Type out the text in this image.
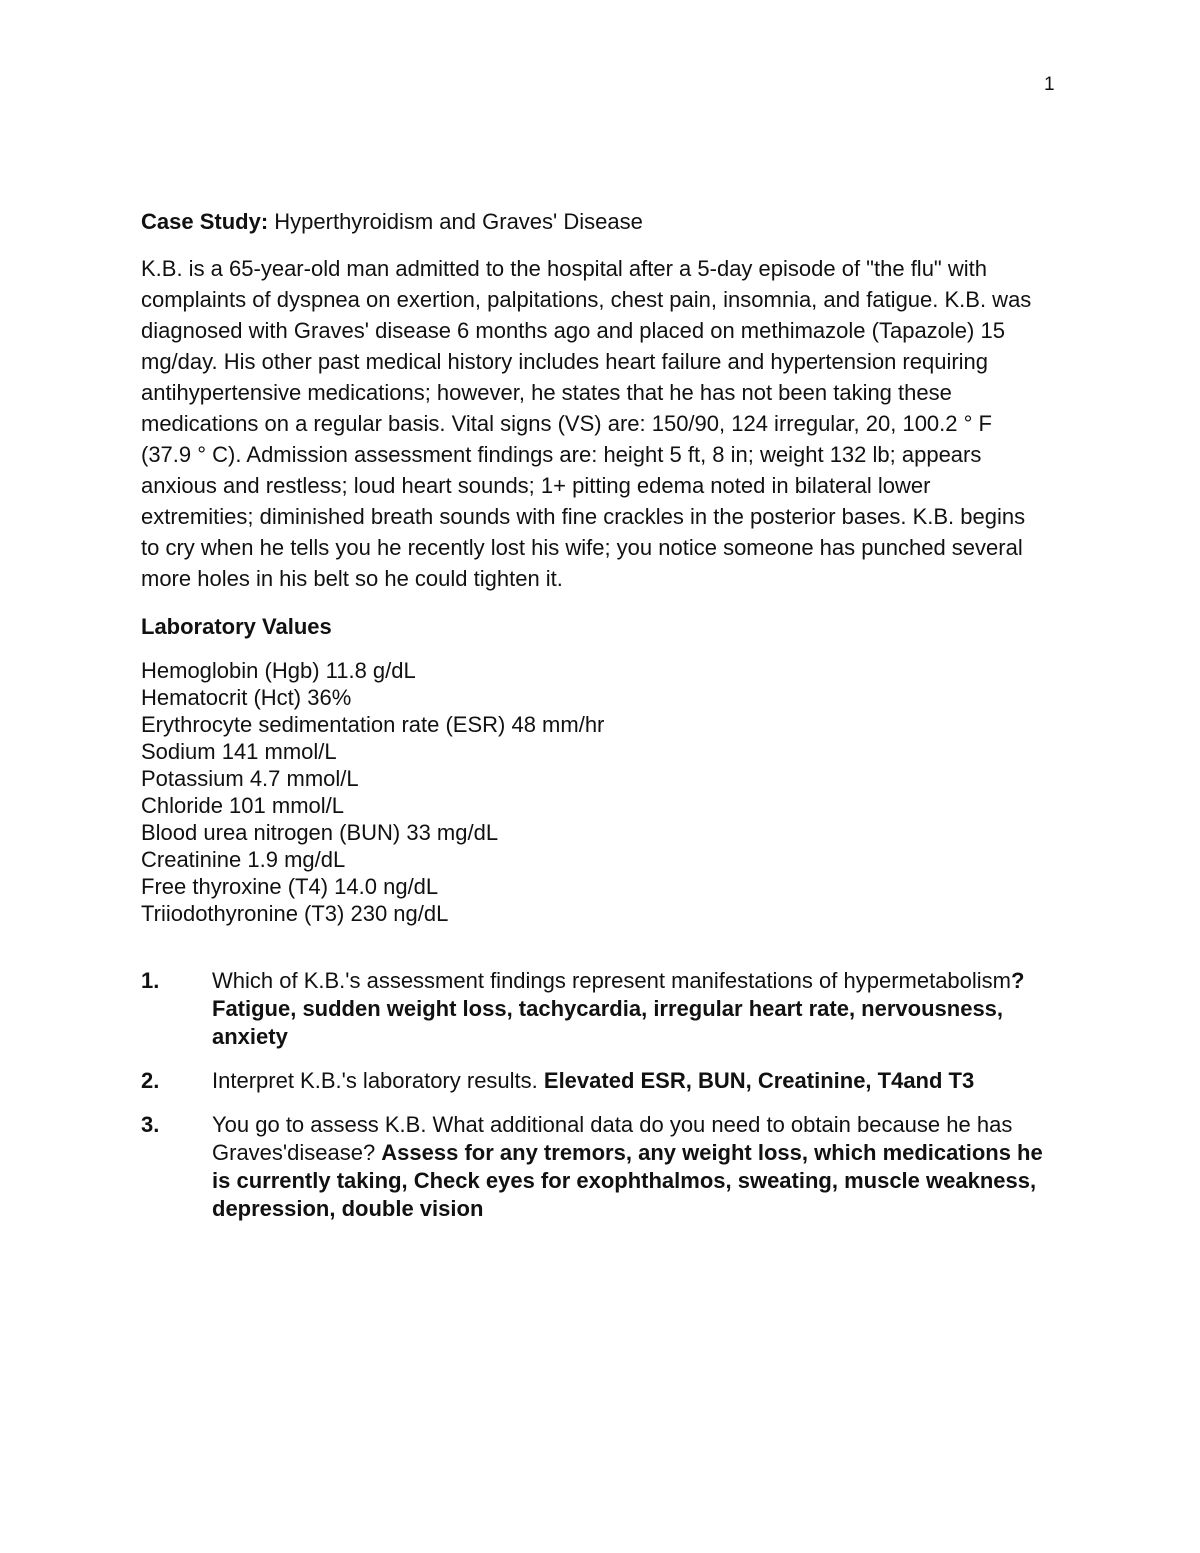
1

Case Study: Hyperthyroidism and Graves' Disease

K.B. is a 65-year-old man admitted to the hospital after a 5-day episode of "the flu" with complaints of dyspnea on exertion, palpitations, chest pain, insomnia, and fatigue. K.B. was diagnosed with Graves' disease 6 months ago and placed on methimazole (Tapazole) 15 mg/day. His other past medical history includes heart failure and hypertension requiring antihypertensive medications; however, he states that he has not been taking these medications on a regular basis. Vital signs (VS) are: 150/90, 124 irregular, 20, 100.2 ° F (37.9 ° C). Admission assessment findings are: height 5 ft, 8 in; weight 132 lb; appears anxious and restless; loud heart sounds; 1+ pitting edema noted in bilateral lower extremities; diminished breath sounds with fine crackles in the posterior bases. K.B. begins to cry when he tells you he recently lost his wife; you notice someone has punched several more holes in his belt so he could tighten it.

Laboratory Values
Hemoglobin (Hgb) 11.8 g/dL
Hematocrit (Hct) 36%
Erythrocyte sedimentation rate (ESR) 48 mm/hr
Sodium 141 mmol/L
Potassium 4.7 mmol/L
Chloride 101 mmol/L
Blood urea nitrogen (BUN) 33 mg/dL
Creatinine 1.9 mg/dL
Free thyroxine (T4) 14.0 ng/dL
Triiodothyronine (T3) 230 ng/dL
1. Which of K.B.'s assessment findings represent manifestations of hypermetabolism? Fatigue, sudden weight loss, tachycardia, irregular heart rate, nervousness, anxiety
2. Interpret K.B.'s laboratory results. Elevated ESR, BUN, Creatinine, T4and T3
3. You go to assess K.B. What additional data do you need to obtain because he has Graves'disease? Assess for any tremors, any weight loss, which medications he is currently taking, Check eyes for exophthalmos, sweating, muscle weakness, depression, double vision
